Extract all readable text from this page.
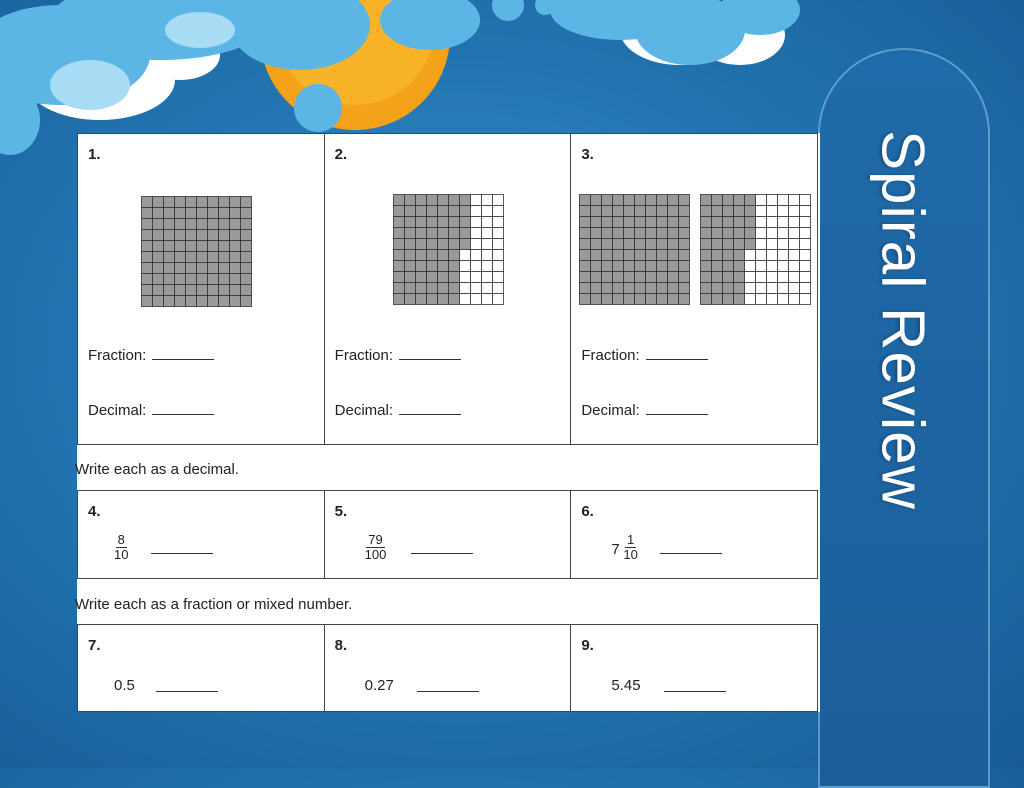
Spiral Review
1.
Fraction:
Decimal:
2.
Fraction:
Decimal:
3.
Fraction:
Decimal:
Write each as a decimal.
4.
$\frac{8}{10}$
5.
$\frac{79}{100}$
6.
$7 \frac{1}{10}$
Write each as a fraction or mixed number.
7.
0.5
8.
0.27
9.
5.45
